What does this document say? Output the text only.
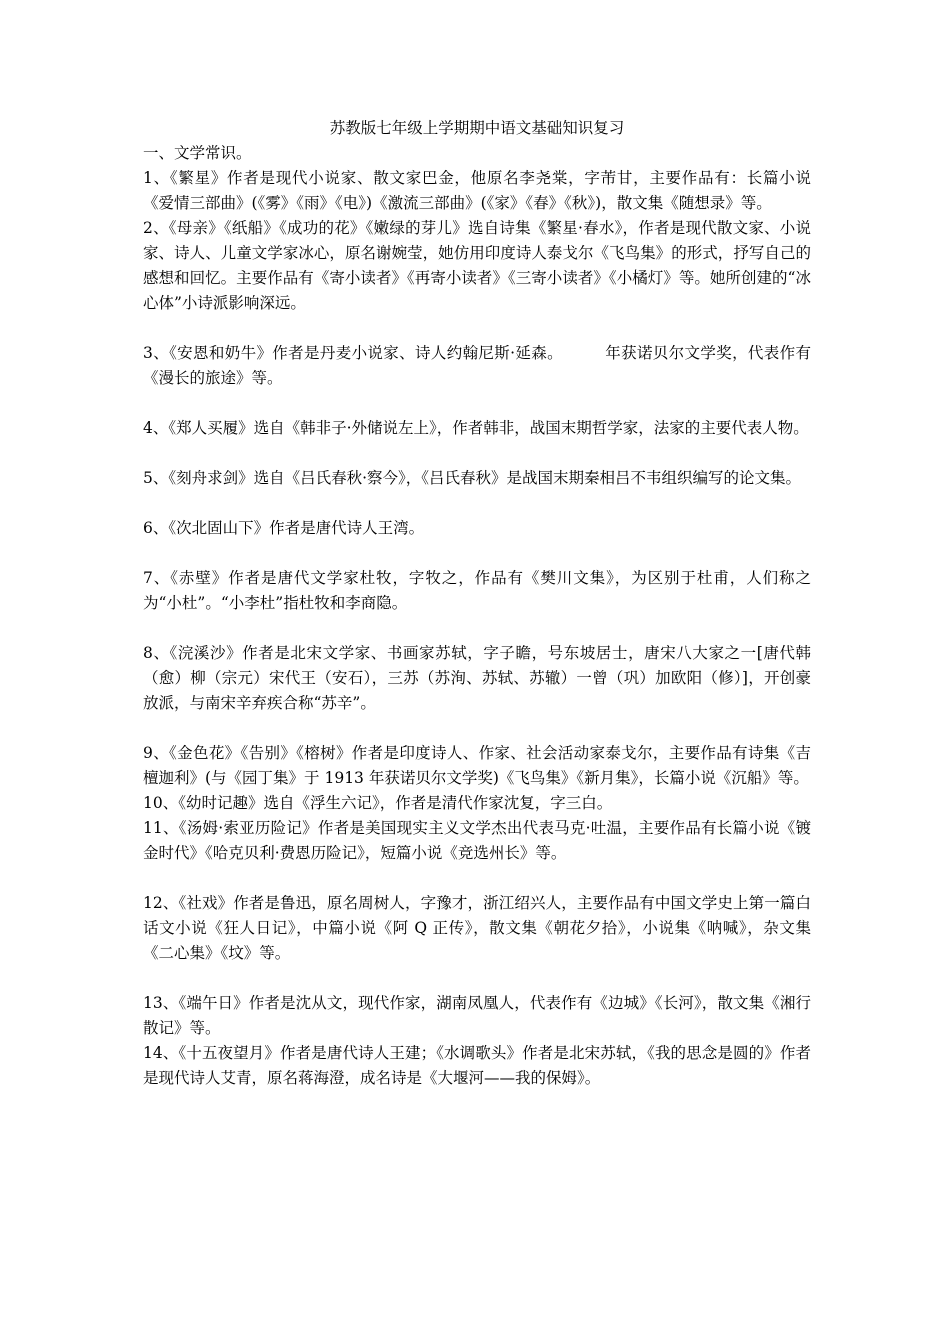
苏教版七年级上学期期中语文基础知识复习

一、文学常识。

1、《繁星》作者是现代小说家、散文家巴金，他原名李尧棠，字芾甘，主要作品有：长篇小说《爱情三部曲》(《雾》《雨》《电》)《激流三部曲》(《家》《春》《秋》)，散文集《随想录》等。

2、《母亲》《纸船》《成功的花》《嫩绿的芽儿》选自诗集《繁星·春水》，作者是现代散文家、小说家、诗人、儿童文学家冰心，原名谢婉莹，她仿用印度诗人泰戈尔《飞鸟集》的形式，抒写自己的感想和回忆。主要作品有《寄小读者》《再寄小读者》《三寄小读者》《小橘灯》等。她所创建的“冰心体”小诗派影响深远。

3、《安恩和奶牛》作者是丹麦小说家、诗人约翰尼斯·延森。        年获诺贝尔文学奖，代表作有《漫长的旅途》等。

4、《郑人买履》选自《韩非子·外储说左上》，作者韩非，战国末期哲学家，法家的主要代表人物。

5、《刻舟求剑》选自《吕氏春秋·察今》，《吕氏春秋》是战国末期秦相吕不韦组织编写的论文集。

6、《次北固山下》作者是唐代诗人王湾。

7、《赤壁》作者是唐代文学家杜牧，字牧之，作品有《樊川文集》，为区别于杜甫，人们称之为“小杜”。“小李杜”指杜牧和李商隐。

8、《浣溪沙》作者是北宋文学家、书画家苏轼，字子瞻，号东坡居士，唐宋八大家之一[唐代韩（愈）柳（宗元）宋代王（安石），三苏（苏洵、苏轼、苏辙）一曾（巩）加欧阳（修）]，开创豪放派，与南宋辛弃疾合称“苏辛”。

9、《金色花》《告别》《榕树》作者是印度诗人、作家、社会活动家泰戈尔，主要作品有诗集《吉檀迦利》(与《园丁集》于 1913 年获诺贝尔文学奖)《飞鸟集》《新月集》，长篇小说《沉船》等。

10、《幼时记趣》选自《浮生六记》，作者是清代作家沈复，字三白。

11、《汤姆·索亚历险记》作者是美国现实主义文学杰出代表马克·吐温，主要作品有长篇小说《镀金时代》《哈克贝利·费恩历险记》，短篇小说《竞选州长》等。

12、《社戏》作者是鲁迅，原名周树人，字豫才，浙江绍兴人，主要作品有中国文学史上第一篇白话文小说《狂人日记》，中篇小说《阿 Q 正传》，散文集《朝花夕拾》，小说集《呐喊》，杂文集《二心集》《坟》等。

13、《端午日》作者是沈从文，现代作家，湖南凤凰人，代表作有《边城》《长河》，散文集《湘行散记》等。

14、《十五夜望月》作者是唐代诗人王建；《水调歌头》作者是北宋苏轼，《我的思念是圆的》作者是现代诗人艾青，原名蒋海澄，成名诗是《大堰河——我的保姆》。
